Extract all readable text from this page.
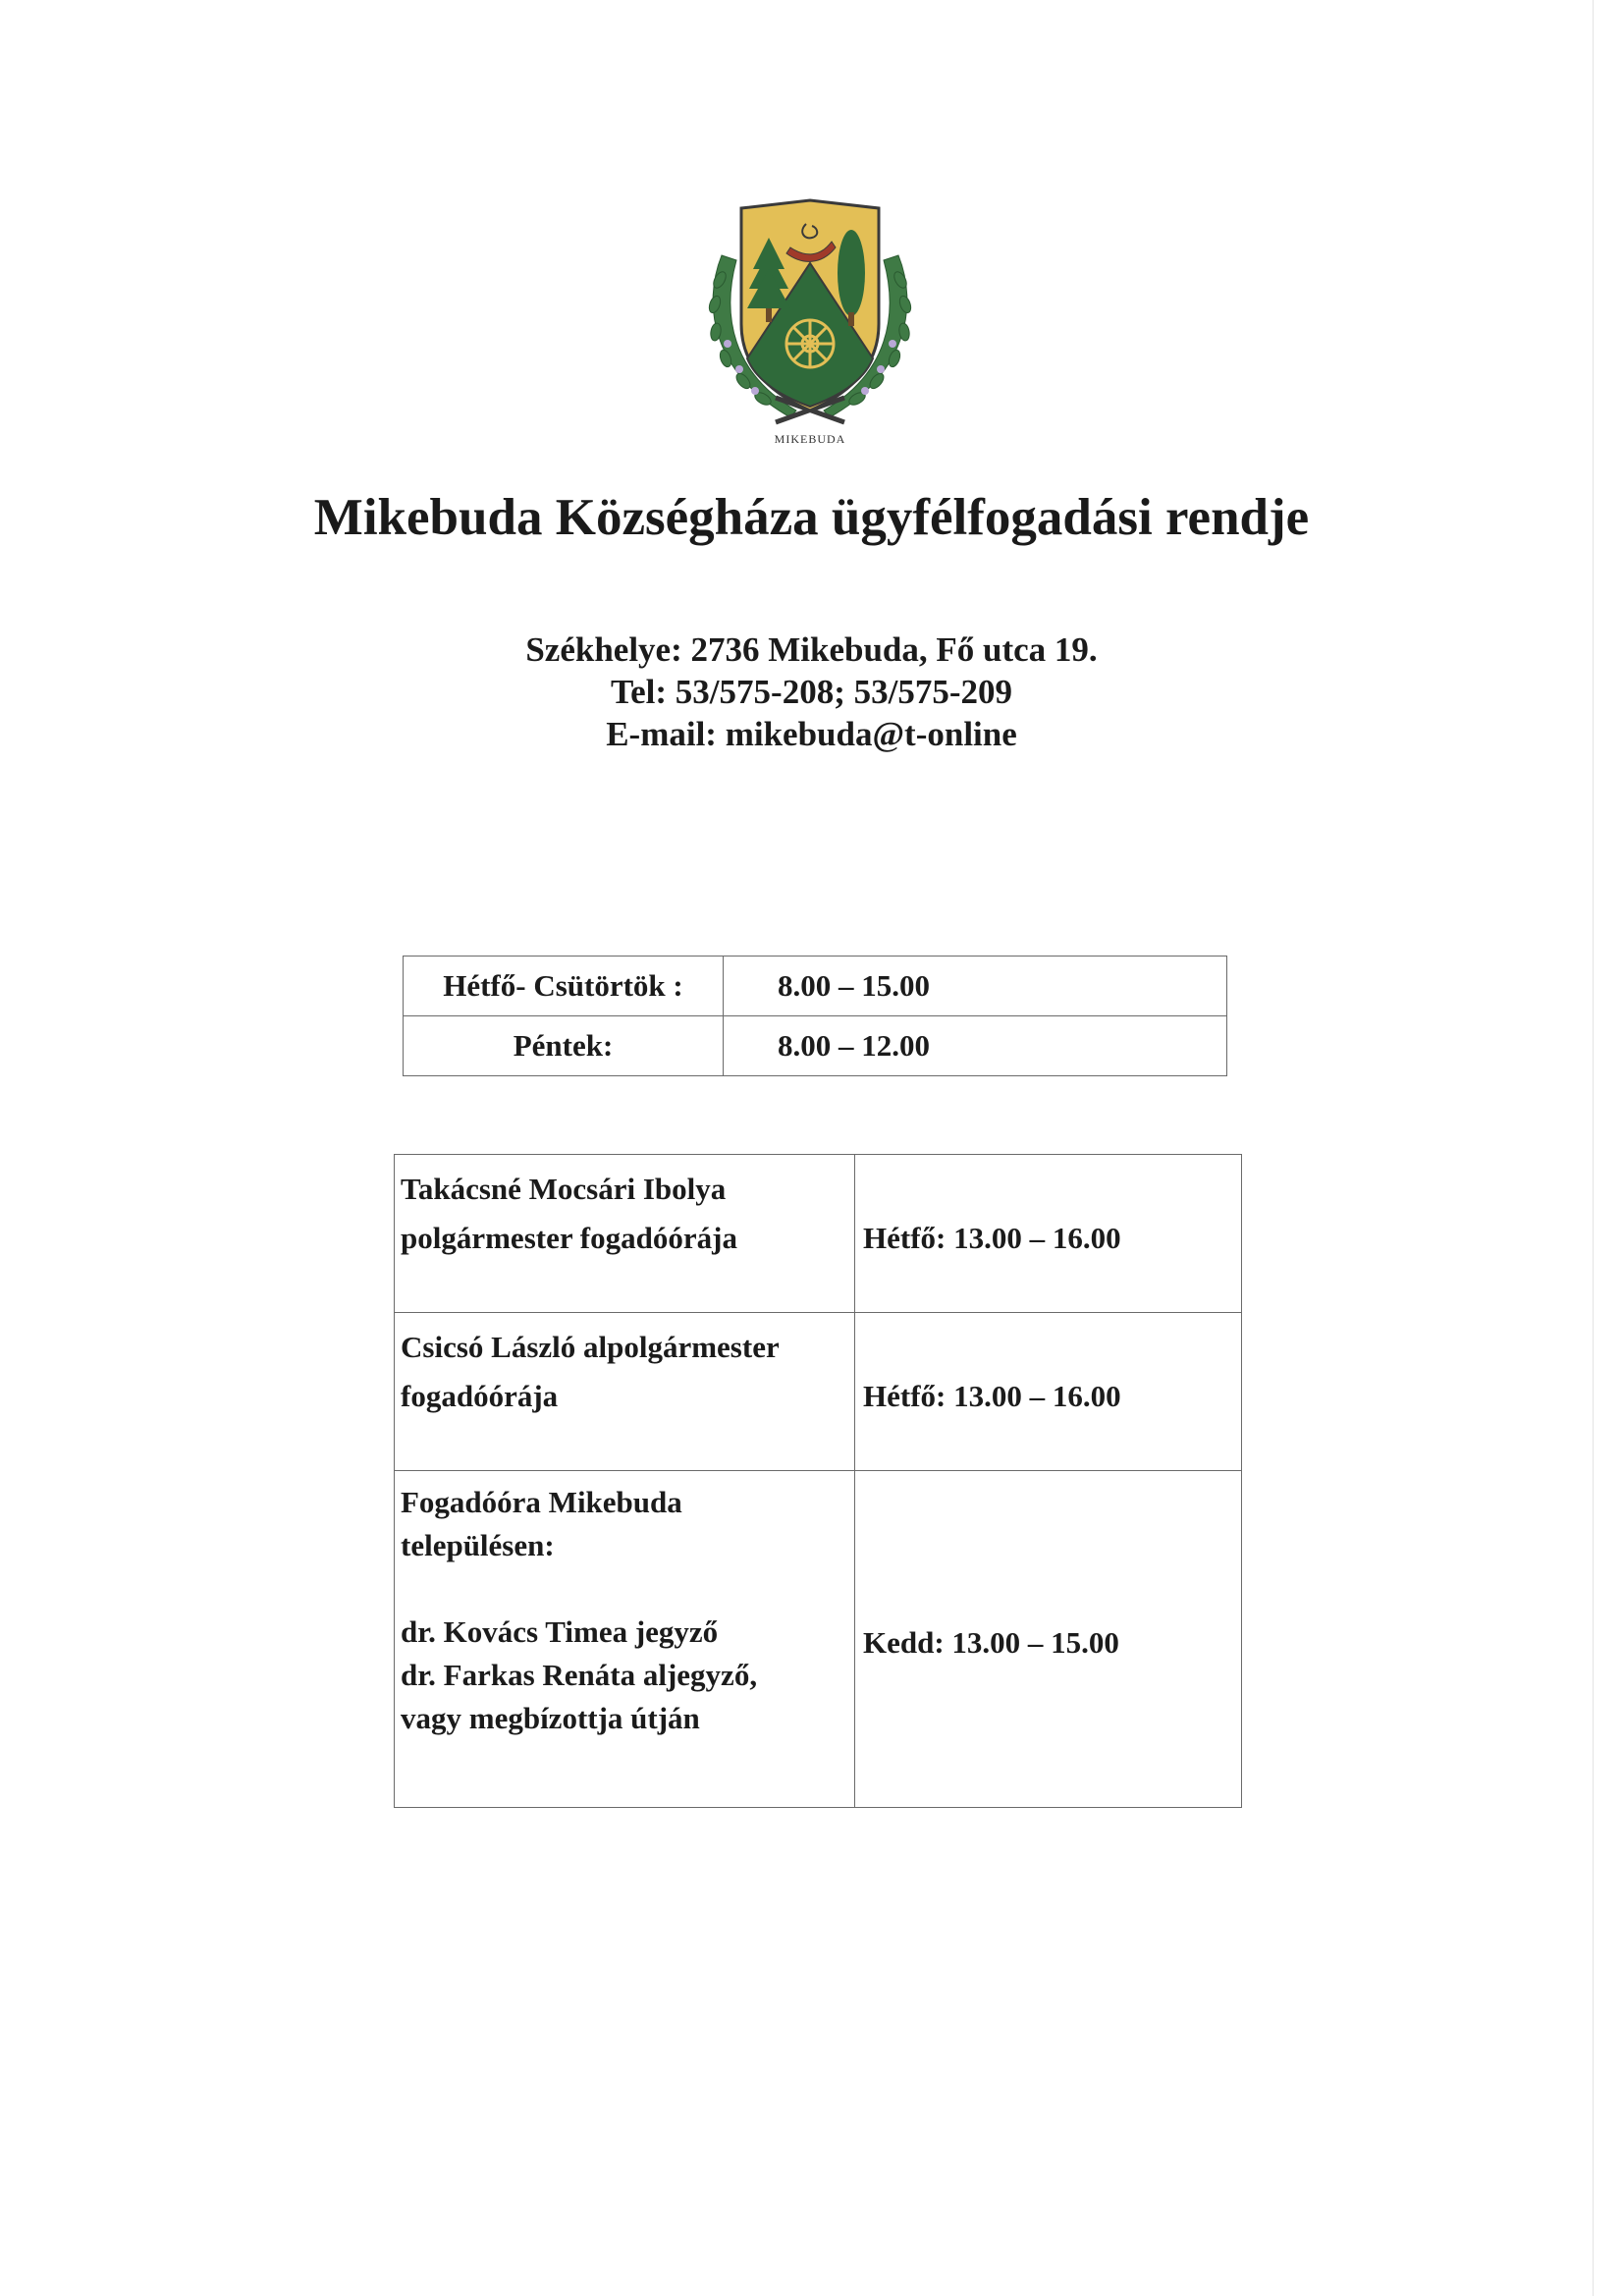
MIKEBUDA
Mikebuda Községháza ügyfélfogadási rendje
Székhelye: 2736 Mikebuda, Fő utca 19.
Tel: 53/575-208; 53/575-209
E-mail: mikebuda@t-online
Hétfő- Csütörtök :	8.00 – 15.00
Péntek:	8.00 – 12.00
Takácsné Mocsári Ibolya
polgármester fogadóórája	Hétfő: 13.00 – 16.00

Csicsó László alpolgármester
fogadóórája	Hétfő: 13.00 – 16.00

Fogadóóra Mikebuda
településen:
dr. Kovács Timea jegyző
dr. Farkas Renáta aljegyző,
vagy megbízottja útján	Kedd: 13.00 – 15.00
